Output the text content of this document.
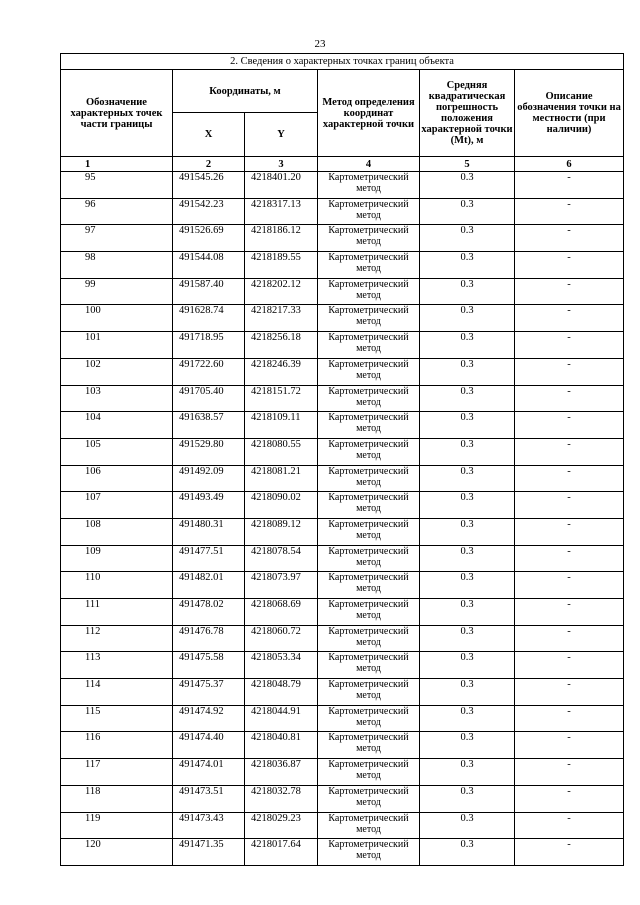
23
2. Сведения о характерных точках границ объекта					
Обозначение характерных точек части границы	Координаты, м		Метод определения координат характерной точки	Средняя квадратическая погрешность положения характерной точки (Mt), м	Описание обозначения точки на местности (при наличии)
	X	Y			
1	2	3	4	5	6
95	491545.26	4218401.20	Картометрический метод	0.3	-
96	491542.23	4218317.13	Картометрический метод	0.3	-
97	491526.69	4218186.12	Картометрический метод	0.3	-
98	491544.08	4218189.55	Картометрический метод	0.3	-
99	491587.40	4218202.12	Картометрический метод	0.3	-
100	491628.74	4218217.33	Картометрический метод	0.3	-
101	491718.95	4218256.18	Картометрический метод	0.3	-
102	491722.60	4218246.39	Картометрический метод	0.3	-
103	491705.40	4218151.72	Картометрический метод	0.3	-
104	491638.57	4218109.11	Картометрический метод	0.3	-
105	491529.80	4218080.55	Картометрический метод	0.3	-
106	491492.09	4218081.21	Картометрический метод	0.3	-
107	491493.49	4218090.02	Картометрический метод	0.3	-
108	491480.31	4218089.12	Картометрический метод	0.3	-
109	491477.51	4218078.54	Картометрический метод	0.3	-
110	491482.01	4218073.97	Картометрический метод	0.3	-
111	491478.02	4218068.69	Картометрический метод	0.3	-
112	491476.78	4218060.72	Картометрический метод	0.3	-
113	491475.58	4218053.34	Картометрический метод	0.3	-
114	491475.37	4218048.79	Картометрический метод	0.3	-
115	491474.92	4218044.91	Картометрический метод	0.3	-
116	491474.40	4218040.81	Картометрический метод	0.3	-
117	491474.01	4218036.87	Картометрический метод	0.3	-
118	491473.51	4218032.78	Картометрический метод	0.3	-
119	491473.43	4218029.23	Картометрический метод	0.3	-
120	491471.35	4218017.64	Картометрический метод	0.3	-
